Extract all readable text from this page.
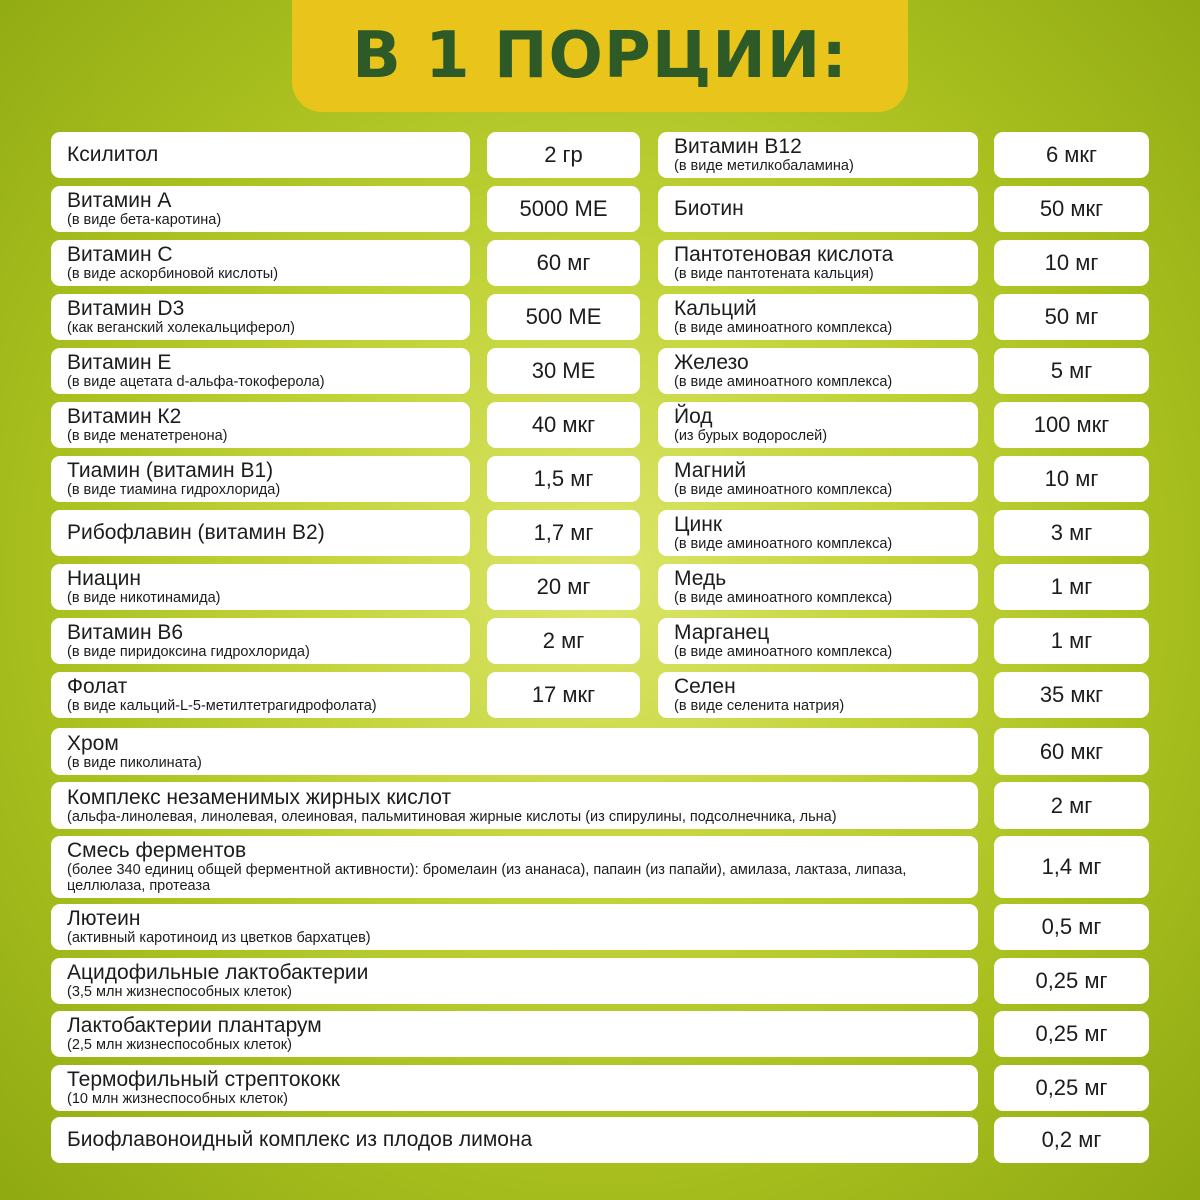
В 1 ПОРЦИИ:
Ксилитол	2 гр
Витамин А
(в виде бета-каротина)	5000 МЕ
Витамин С
(в виде аскорбиновой кислоты)	60 мг
Витамин D3
(как веганский холекальциферол)	500 МЕ
Витамин Е
(в виде ацетата d-альфа-токоферола)	30 МЕ
Витамин К2
(в виде менатетренона)	40 мкг
Тиамин (витамин В1)
(в виде тиамина гидрохлорида)	1,5 мг
Рибофлавин (витамин В2)	1,7 мг
Ниацин
(в виде никотинамида)	20 мг
Витамин В6
(в виде пиридоксина гидрохлорида)	2 мг
Фолат
(в виде кальций-L-5-метилтетрагидрофолата)	17 мкг
Витамин В12
(в виде метилкобаламина)	6 мкг
Биотин	50 мкг
Пантотеновая кислота
(в виде пантотената кальция)	10 мг
Кальций
(в виде аминоатного комплекса)	50 мг
Железо
(в виде аминоатного комплекса)	5 мг
Йод
(из бурых водорослей)	100 мкг
Магний
(в виде аминоатного комплекса)	10 мг
Цинк
(в виде аминоатного комплекса)	3 мг
Медь
(в виде аминоатного комплекса)	1 мг
Марганец
(в виде аминоатного комплекса)	1 мг
Селен
(в виде селенита натрия)	35 мкг
Хром
(в виде пиколината)	60 мкг
Комплекс незаменимых жирных кислот
(альфа-линолевая, линолевая, олеиновая, пальмитиновая жирные кислоты (из спирулины, подсолнечника, льна)	2 мг
Смесь ферментов
(более 340 единиц общей ферментной активности): бромелаин (из ананаса), папаин (из папайи), амилаза, лактаза, липаза, целлюлаза, протеаза
1,4 мг
Лютеин
(активный каротиноид из цветков бархатцев)	0,5 мг
Ацидофильные лактобактерии
(3,5 млн жизнеспособных клеток)	0,25 мг
Лактобактерии плантарум
(2,5 млн жизнеспособных клеток)	0,25 мг
Термофильный стрептококк
(10 млн жизнеспособных клеток)	0,25 мг
Биофлавоноидный комплекс из плодов лимона	0,2 мг
